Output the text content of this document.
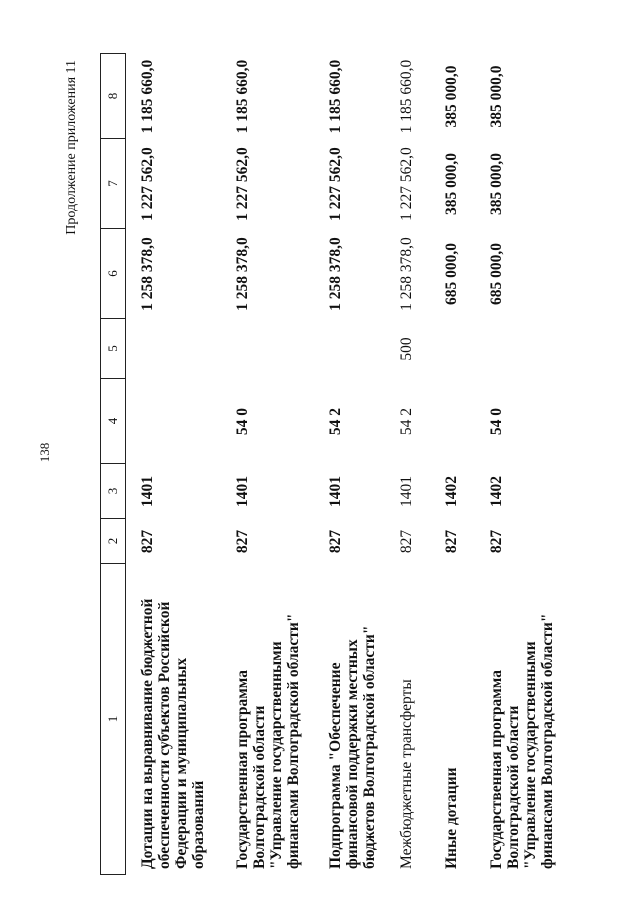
138
Продолжение приложения 11
1
2
3
4
5
6
7
8
Дотации на выравнивание бюджетной
обеспеченности субъектов Российской
Федерации и муниципальных
образований
827
1401
1 258 378,0
1 227 562,0
1 185 660,0
Государственная программа
Волгоградской области
"Управление государственными
финансами Волгоградской области"
827
1401
54 0
1 258 378,0
1 227 562,0
1 185 660,0
Подпрограмма "Обеспечение
финансовой поддержки местных
бюджетов Волгоградской области"
827
1401
54 2
1 258 378,0
1 227 562,0
1 185 660,0
Межбюджетные трансферты
827
1401
54 2
500
1 258 378,0
1 227 562,0
1 185 660,0
Иные дотации
827
1402
685 000,0
385 000,0
385 000,0
Государственная программа
Волгоградской области
"Управление государственными
финансами Волгоградской области"
827
1402
54 0
685 000,0
385 000,0
385 000,0
